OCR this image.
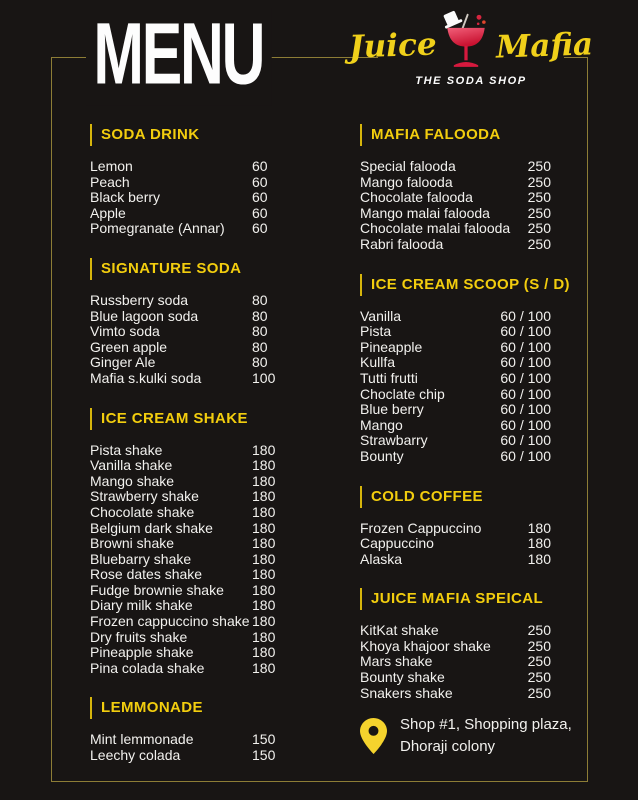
MENU	Juice Mafia
THE SODA SHOP
SODA DRINK
Lemon	60
Peach	60
Black berry	60
Apple	60
Pomegranate (Annar)	60
SIGNATURE SODA
Russberry soda	80
Blue lagoon soda	80
Vimto soda	80
Green apple	80
Ginger Ale	80
Mafia s.kulki soda	100
ICE CREAM SHAKE
Pista shake	180
Vanilla shake	180
Mango shake	180
Strawberry shake	180
Chocolate shake	180
Belgium dark shake	180
Browni shake	180
Bluebarry shake	180
Rose dates shake	180
Fudge brownie shake	180
Diary milk shake	180
Frozen cappuccino shake 180
Dry fruits shake	180
Pineapple shake	180
Pina colada shake	180
LEMMONADE
Mint lemmonade	150
Leechy colada	150
MAFIA FALOODA
Special falooda	250
Mango falooda	250
Chocolate falooda	250
Mango malai falooda	250
Chocolate malai falooda	250
Rabri falooda	250
ICE CREAM SCOOP (S / D)
Vanilla	60 / 100
Pista	60 / 100
Pineapple	60 / 100
Kullfa	60 / 100
Tutti frutti	60 / 100
Choclate chip	60 / 100
Blue berry	60 / 100
Mango	60 / 100
Strawbarry	60 / 100
Bounty	60 / 100
COLD COFFEE
Frozen Cappuccino	180
Cappuccino	180
Alaska	180
JUICE MAFIA SPEICAL
KitKat shake	250
Khoya khajoor shake	250
Mars shake	250
Bounty shake	250
Snakers shake	250
Shop #1, Shopping plaza,
Dhoraji colony
